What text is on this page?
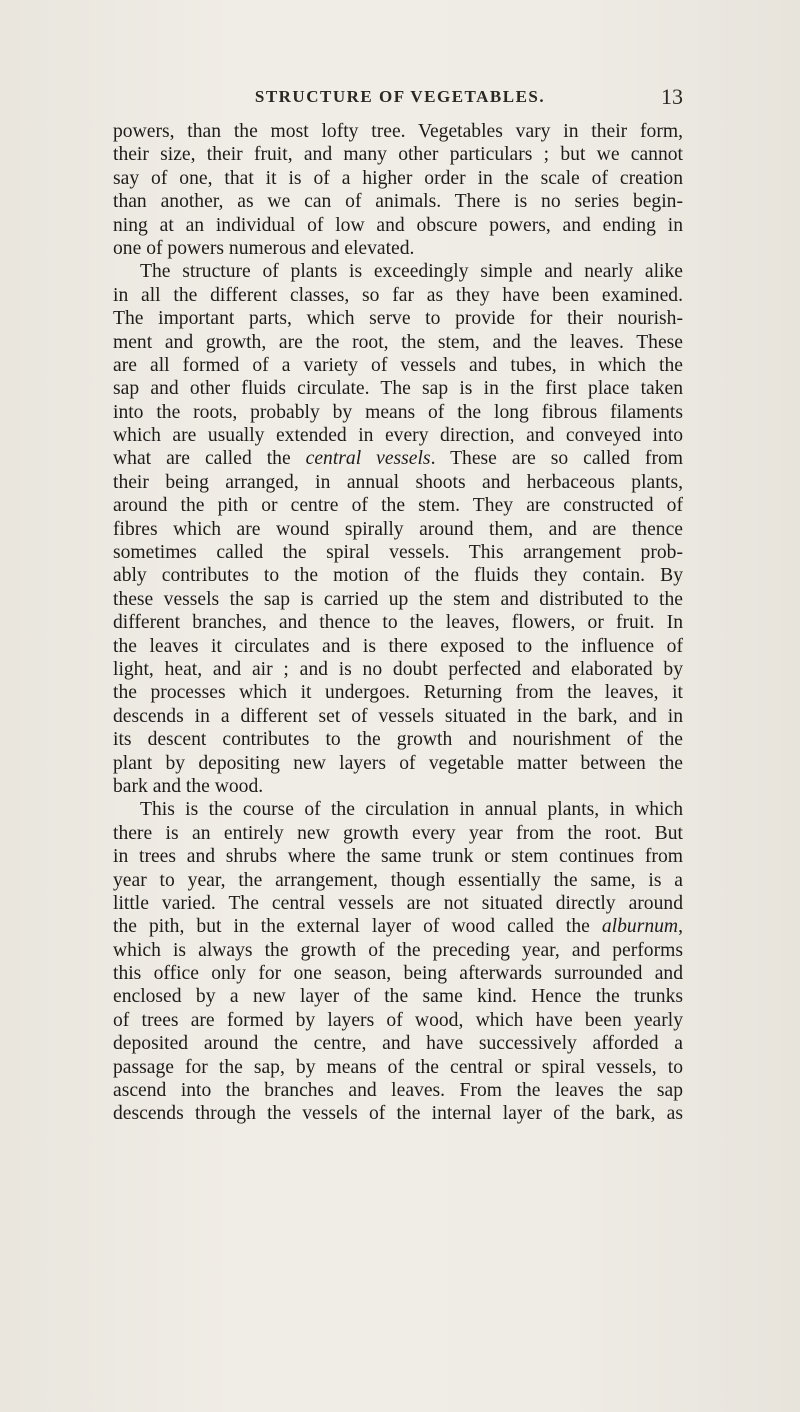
STRUCTURE OF VEGETABLES.	13
powers, than the most lofty tree. Vegetables vary in their form,
their size, their fruit, and many other particulars ; but we cannot
say of one, that it is of a higher order in the scale of creation
than another, as we can of animals. There is no series begin-
ning at an individual of low and obscure powers, and ending in
one of powers numerous and elevated.
The structure of plants is exceedingly simple and nearly alike
in all the different classes, so far as they have been examined.
The important parts, which serve to provide for their nourish-
ment and growth, are the root, the stem, and the leaves. These
are all formed of a variety of vessels and tubes, in which the
sap and other fluids circulate. The sap is in the first place taken
into the roots, probably by means of the long fibrous filaments
which are usually extended in every direction, and conveyed into
what are called the central vessels. These are so called from
their being arranged, in annual shoots and herbaceous plants,
around the pith or centre of the stem. They are constructed of
fibres which are wound spirally around them, and are thence
sometimes called the spiral vessels. This arrangement prob-
ably contributes to the motion of the fluids they contain. By
these vessels the sap is carried up the stem and distributed to the
different branches, and thence to the leaves, flowers, or fruit. In
the leaves it circulates and is there exposed to the influence of
light, heat, and air ; and is no doubt perfected and elaborated by
the processes which it undergoes. Returning from the leaves, it
descends in a different set of vessels situated in the bark, and in
its descent contributes to the growth and nourishment of the
plant by depositing new layers of vegetable matter between the
bark and the wood.
This is the course of the circulation in annual plants, in which
there is an entirely new growth every year from the root. But
in trees and shrubs where the same trunk or stem continues from
year to year, the arrangement, though essentially the same, is a
little varied. The central vessels are not situated directly around
the pith, but in the external layer of wood called the alburnum,
which is always the growth of the preceding year, and performs
this office only for one season, being afterwards surrounded and
enclosed by a new layer of the same kind. Hence the trunks
of trees are formed by layers of wood, which have been yearly
deposited around the centre, and have successively afforded a
passage for the sap, by means of the central or spiral vessels, to
ascend into the branches and leaves. From the leaves the sap
descends through the vessels of the internal layer of the bark, as
